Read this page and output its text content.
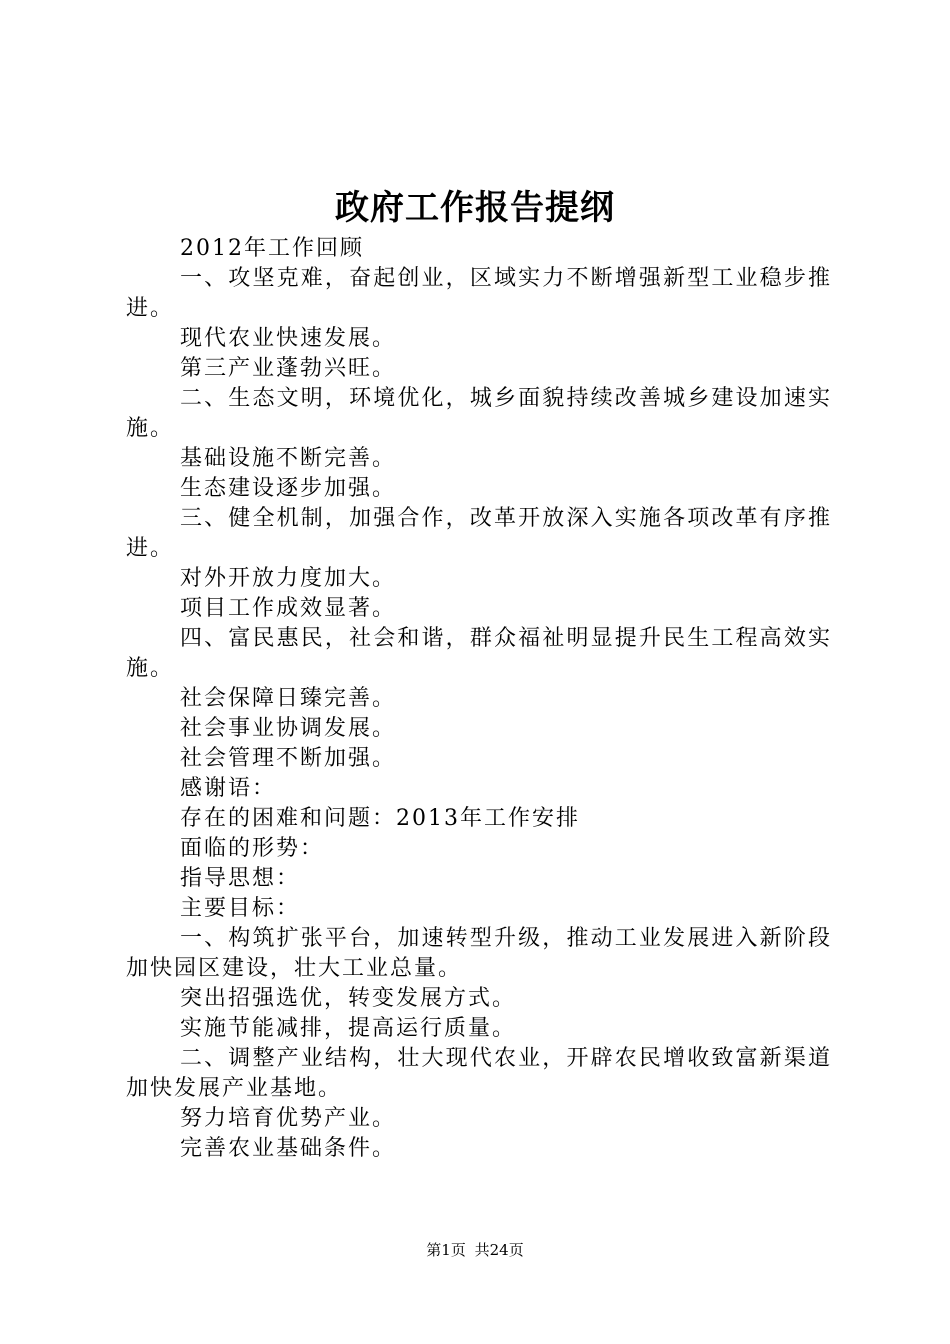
政府工作报告提纲

2012年工作回顾

一、攻坚克难，奋起创业，区域实力不断增强新型工业稳步推进。

现代农业快速发展。

第三产业蓬勃兴旺。

二、生态文明，环境优化，城乡面貌持续改善城乡建设加速实施。

基础设施不断完善。

生态建设逐步加强。

三、健全机制，加强合作，改革开放深入实施各项改革有序推进。

对外开放力度加大。

项目工作成效显著。

四、富民惠民，社会和谐，群众福祉明显提升民生工程高效实施。

社会保障日臻完善。

社会事业协调发展。

社会管理不断加强。

感谢语：

存在的困难和问题：2013年工作安排

面临的形势：

指导思想：

主要目标：

一、构筑扩张平台，加速转型升级，推动工业发展进入新阶段加快园区建设，壮大工业总量。

突出招强选优，转变发展方式。

实施节能减排，提高运行质量。

二、调整产业结构，壮大现代农业，开辟农民增收致富新渠道加快发展产业基地。

努力培育优势产业。

完善农业基础条件。

第1页 共24页
